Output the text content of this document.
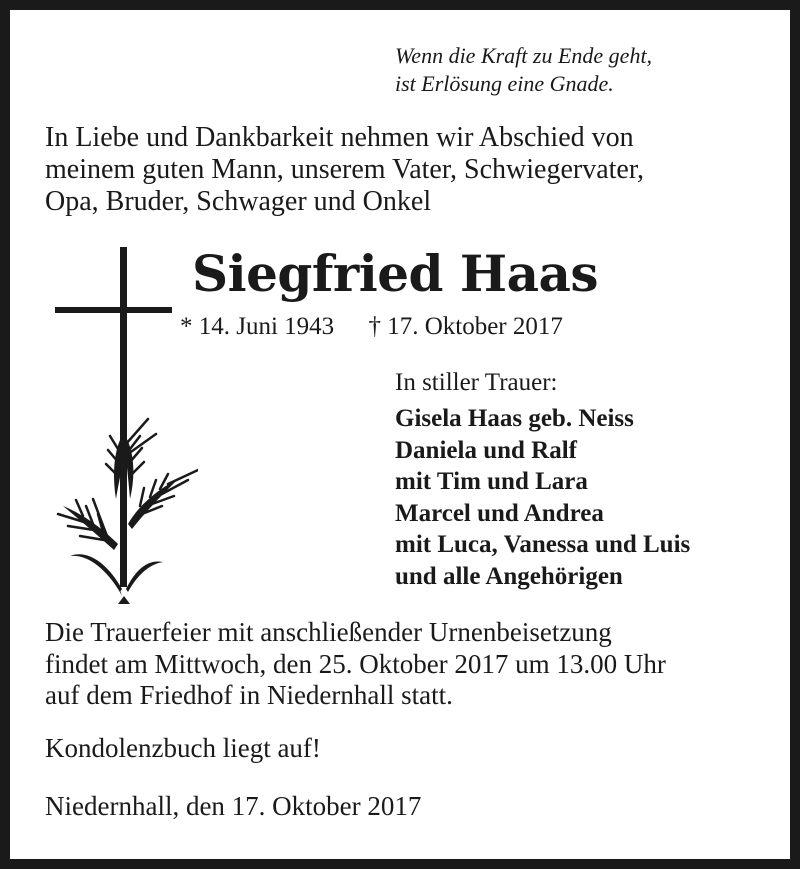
Wenn die Kraft zu Ende geht,
ist Erlösung eine Gnade.
In Liebe und Dankbarkeit nehmen wir Abschied von
meinem guten Mann, unserem Vater, Schwiegervater,
Opa, Bruder, Schwager und Onkel
Siegfried Haas
* 14. Juni 1943 † 17. Oktober 2017
In stiller Trauer:
Gisela Haas geb. Neiss
Daniela und Ralf
mit Tim und Lara
Marcel und Andrea
mit Luca, Vanessa und Luis
und alle Angehörigen
Die Trauerfeier mit anschließender Urnenbeisetzung
findet am Mittwoch, den 25. Oktober 2017 um 13.00 Uhr
auf dem Friedhof in Niedernhall statt.
Kondolenzbuch liegt auf!
Niedernhall, den 17. Oktober 2017
